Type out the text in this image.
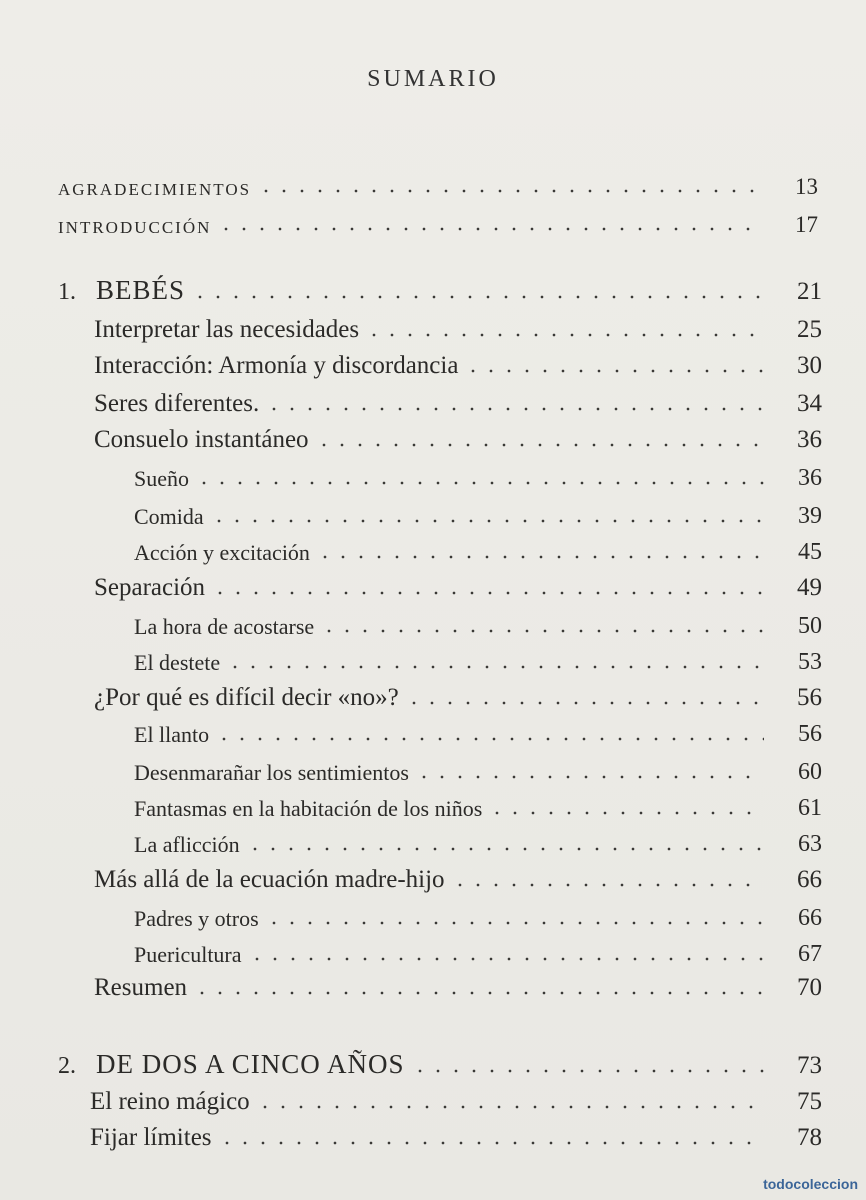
SUMARIO
AGRADECIMIENTOS	13
INTRODUCCIÓN	17
1. BEBÉS	21
Interpretar las necesidades	25
Interacción: Armonía y discordancia	30
Seres diferentes.	34
Consuelo instantáneo	36
Sueño	36
Comida	39
Acción y excitación	45
Separación	49
La hora de acostarse	50
El destete	53
¿Por qué es difícil decir «no»?	56
El llanto	56
Desenmarañar los sentimientos	60
Fantasmas en la habitación de los niños	61
La aflicción	63
Más allá de la ecuación madre-hijo	66
Padres y otros	66
Puericultura	67
Resumen	70
2. DE DOS A CINCO AÑOS	73
El reino mágico	75
Fijar límites	78
todocoleccion
